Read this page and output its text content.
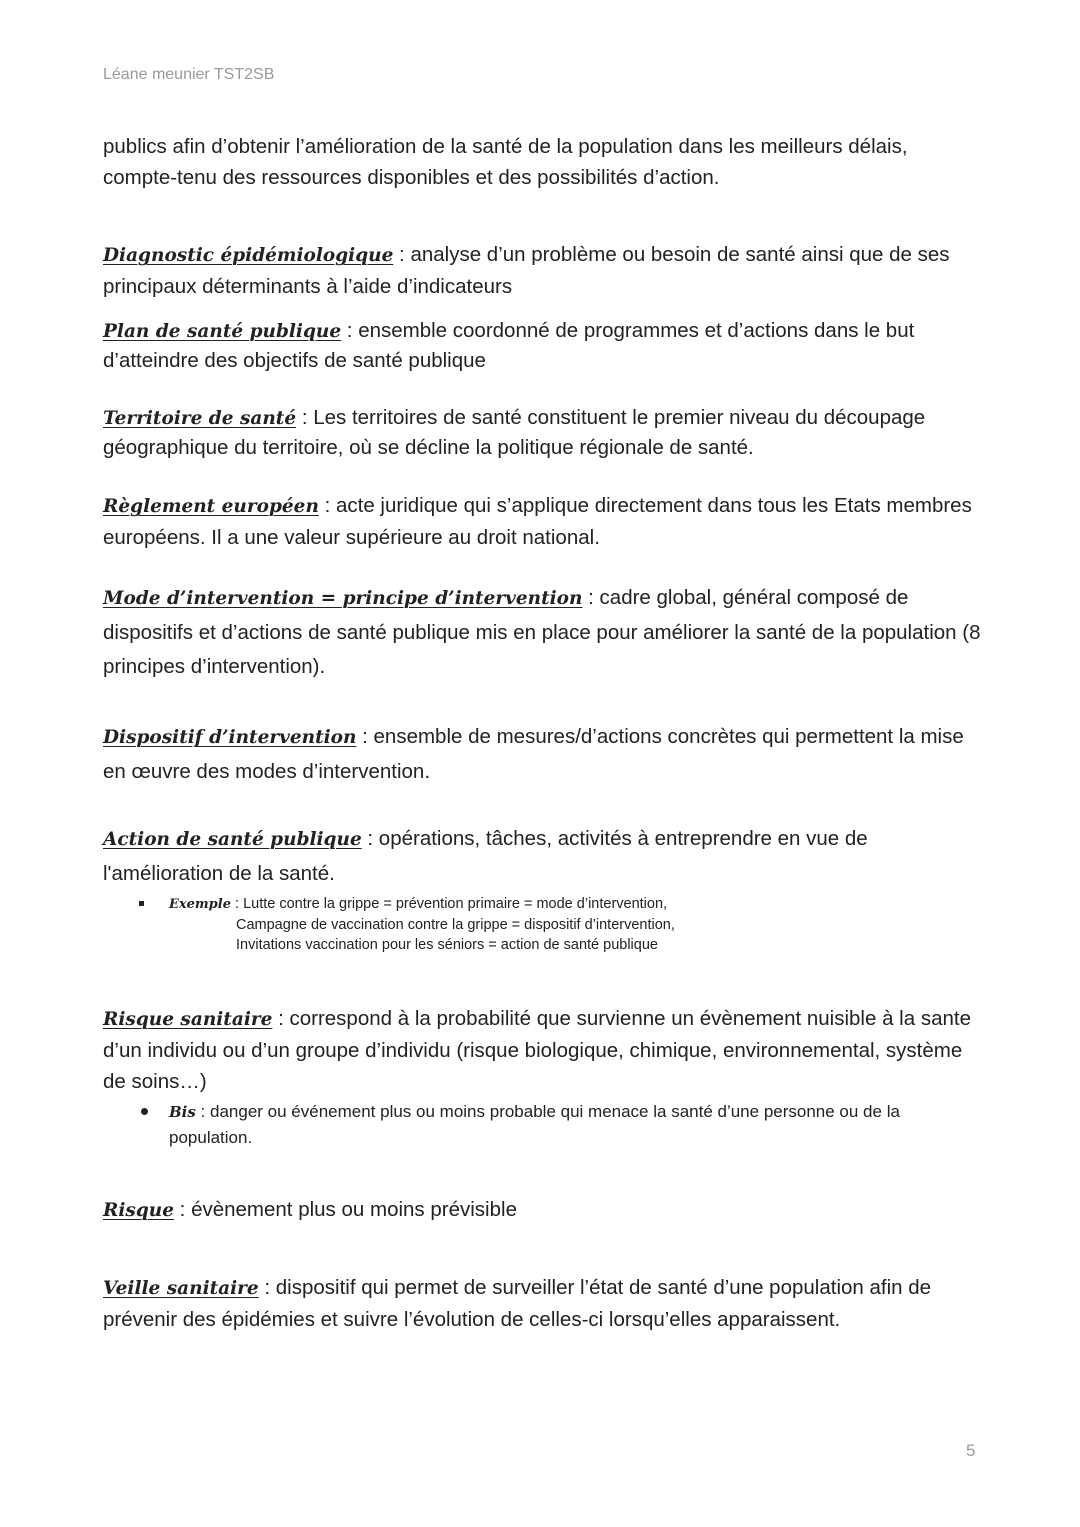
Léane meunier TST2SB

publics afin d’obtenir l’amélioration de la santé de la population dans les meilleurs délais, compte-tenu des ressources disponibles et des possibilités d’action.

Diagnostic épidémiologique : analyse d’un problème ou besoin de santé ainsi que de ses principaux déterminants à l’aide d’indicateurs

Plan de santé publique : ensemble coordonné de programmes et d’actions dans le but d’atteindre des objectifs de santé publique

Territoire de santé : Les territoires de santé constituent le premier niveau du découpage géographique du territoire, où se décline la politique régionale de santé.

Règlement européen : acte juridique qui s’applique directement dans tous les Etats membres européens. Il a une valeur supérieure au droit national.

Mode d’intervention = principe d’intervention : cadre global, général composé de dispositifs et d’actions de santé publique mis en place pour améliorer la santé de la population (8 principes d’intervention).

Dispositif d’intervention : ensemble de mesures/d’actions concrètes qui permettent la mise en œuvre des modes d’intervention.

Action de santé publique : opérations, tâches, activités à entreprendre en vue de l'amélioration de la santé.

Exemple : Lutte contre la grippe = prévention primaire = mode d’intervention,
Campagne de vaccination contre la grippe = dispositif d’intervention,
Invitations vaccination pour les séniors = action de santé publique

Risque sanitaire : correspond à la probabilité que survienne un évènement nuisible à la sante d’un individu ou d’un groupe d’individu (risque biologique, chimique, environnemental, système de soins…)

Bis : danger ou événement plus ou moins probable qui menace la santé d’une personne ou de la population.

Risque : évènement plus ou moins prévisible

Veille sanitaire : dispositif qui permet de surveiller l’état de santé d’une population afin de prévenir des épidémies et suivre l’évolution de celles-ci lorsqu’elles apparaissent.

5
